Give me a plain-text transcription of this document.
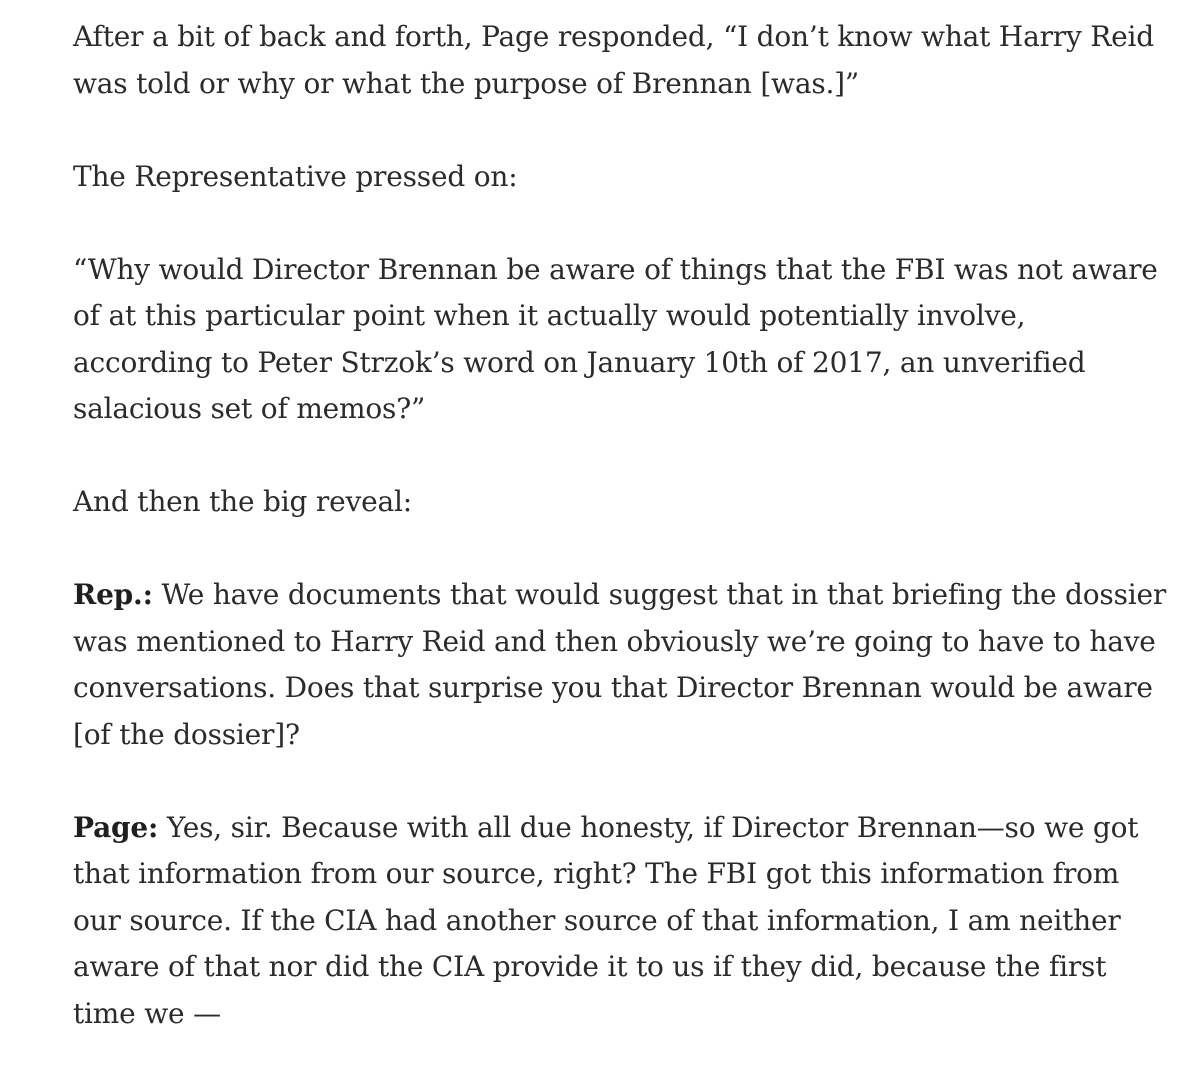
After a bit of back and forth, Page responded, “I don’t know what Harry Reid was told or why or what the purpose of Brennan [was.]”

The Representative pressed on:

“Why would Director Brennan be aware of things that the FBI was not aware of at this particular point when it actually would potentially involve, according to Peter Strzok’s word on January 10th of 2017, an unverified salacious set of memos?”

And then the big reveal:

Rep.: We have documents that would suggest that in that briefing the dossier was mentioned to Harry Reid and then obviously we’re going to have to have conversations. Does that surprise you that Director Brennan would be aware [of the dossier]?

Page: Yes, sir. Because with all due honesty, if Director Brennan—so we got that information from our source, right? The FBI got this information from our source. If the CIA had another source of that information, I am neither aware of that nor did the CIA provide it to us if they did, because the first time we —
